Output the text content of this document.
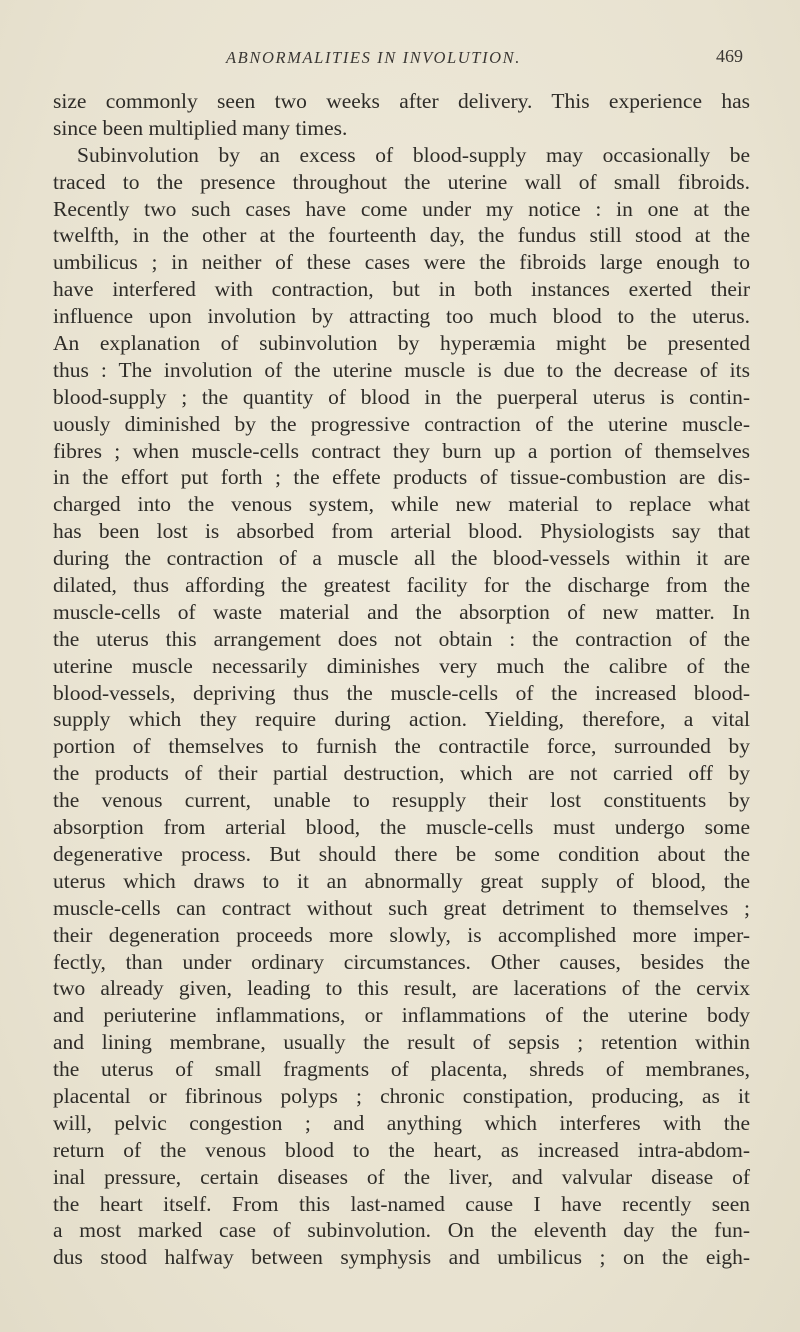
ABNORMALITIES IN INVOLUTION.	469
size commonly seen two weeks after delivery. This experience has
since been multiplied many times.
Subinvolution by an excess of blood-supply may occasionally be
traced to the presence throughout the uterine wall of small fibroids.
Recently two such cases have come under my notice : in one at the
twelfth, in the other at the fourteenth day, the fundus still stood at the
umbilicus ; in neither of these cases were the fibroids large enough to
have interfered with contraction, but in both instances exerted their
influence upon involution by attracting too much blood to the uterus.
An explanation of subinvolution by hyperæmia might be presented
thus : The involution of the uterine muscle is due to the decrease of its
blood-supply ; the quantity of blood in the puerperal uterus is contin-
uously diminished by the progressive contraction of the uterine muscle-
fibres ; when muscle-cells contract they burn up a portion of themselves
in the effort put forth ; the effete products of tissue-combustion are dis-
charged into the venous system, while new material to replace what
has been lost is absorbed from arterial blood. Physiologists say that
during the contraction of a muscle all the blood-vessels within it are
dilated, thus affording the greatest facility for the discharge from the
muscle-cells of waste material and the absorption of new matter. In
the uterus this arrangement does not obtain : the contraction of the
uterine muscle necessarily diminishes very much the calibre of the
blood-vessels, depriving thus the muscle-cells of the increased blood-
supply which they require during action. Yielding, therefore, a vital
portion of themselves to furnish the contractile force, surrounded by
the products of their partial destruction, which are not carried off by
the venous current, unable to resupply their lost constituents by
absorption from arterial blood, the muscle-cells must undergo some
degenerative process. But should there be some condition about the
uterus which draws to it an abnormally great supply of blood, the
muscle-cells can contract without such great detriment to themselves ;
their degeneration proceeds more slowly, is accomplished more imper-
fectly, than under ordinary circumstances. Other causes, besides the
two already given, leading to this result, are lacerations of the cervix
and periuterine inflammations, or inflammations of the uterine body
and lining membrane, usually the result of sepsis ; retention within
the uterus of small fragments of placenta, shreds of membranes,
placental or fibrinous polyps ; chronic constipation, producing, as it
will, pelvic congestion ; and anything which interferes with the
return of the venous blood to the heart, as increased intra-abdom-
inal pressure, certain diseases of the liver, and valvular disease of
the heart itself. From this last-named cause I have recently seen
a most marked case of subinvolution. On the eleventh day the fun-
dus stood halfway between symphysis and umbilicus ; on the eigh-
